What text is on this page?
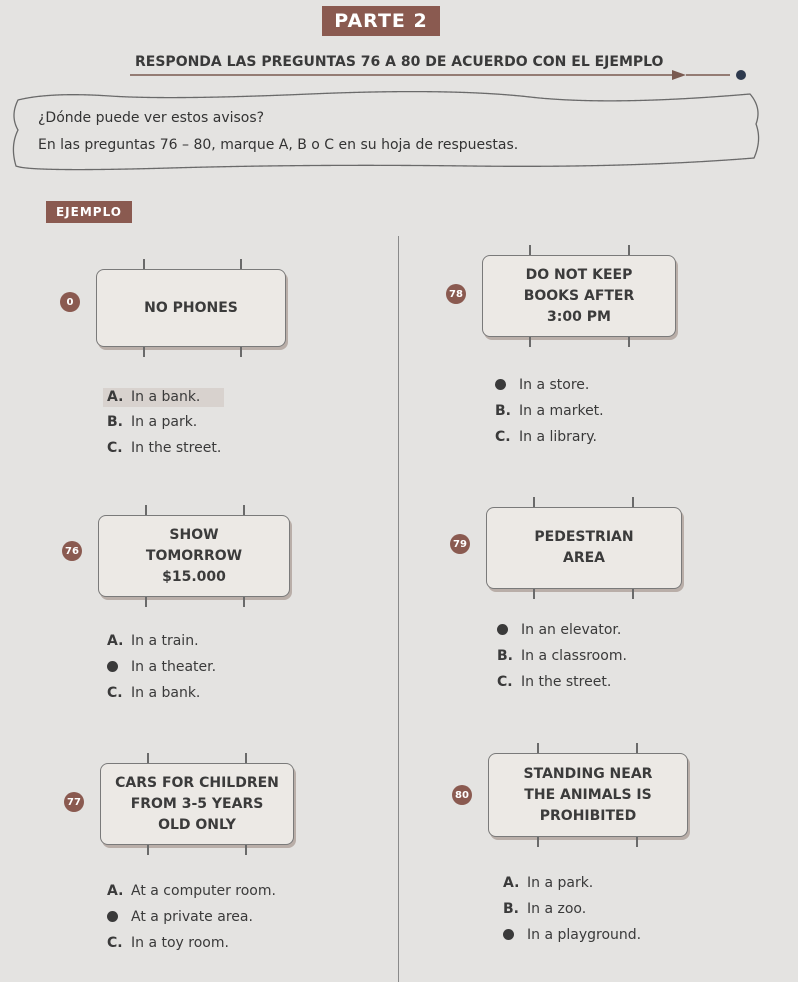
PARTE 2
RESPONDA LAS PREGUNTAS 76 A 80 DE ACUERDO CON EL EJEMPLO
¿Dónde puede ver estos avisos?
En las preguntas 76 – 80, marque A, B o C en su hoja de respuestas.
EJEMPLO
0	NO PHONES
A. In a bank.
B. In a park.
C. In the street.
78
DO NOT KEEP
BOOKS AFTER
3:00 PM
In a store.
B. In a market.
C. In a library.
76
SHOW
TOMORROW
$15.000
A. In a train.
In a theater.
C. In a bank.
79	PEDESTRIAN
AREA
In an elevator.
B. In a classroom.
C. In the street.
77
CARS FOR CHILDREN
FROM 3-5 YEARS
OLD ONLY
A. At a computer room.
At a private area.
C. In a toy room.
80
STANDING NEAR
THE ANIMALS IS
PROHIBITED
A. In a park.
B. In a zoo.
In a playground.
